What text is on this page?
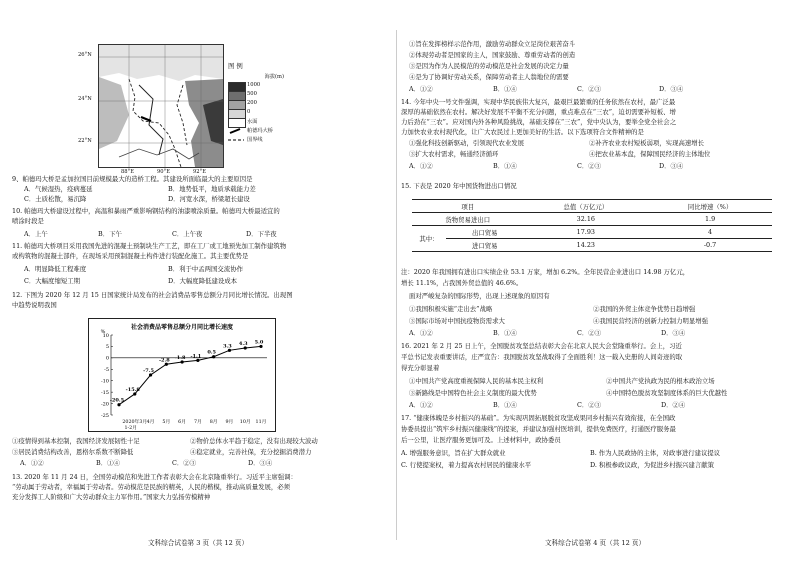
26°N
24°N
22°N
88°E	90°E	92°E
图 例
海拔(m)
1000
500
200
0
水面
帕德玛大桥
国界线
9、帕德玛大桥是孟加拉国目前规模最大的造桥工程。其建设所面临最大的主要原因是
A．气候湿热，疫病蔓延	B．地势低平，地质承载能力差
C．土质松散，易沉降	D．河宽水深，桥梁超长建设
10. 帕德玛大桥建设过程中，高温和暴雨严重影响钢结构的油漆喷涂质量。帕德玛大桥最适宜的
喷涂时段是
A．上午	B．下午	C．上午夜	D．下半夜
11. 帕德玛大桥项目采用我国先进的混凝土预制块生产工艺，即在工厂或工地预先加工制作建筑物
或构筑物的混凝土部件，在现场采用预制混凝土构件进行装配化施工。其主要优势是
A．明显降低工程难度	B．利于中孟两国交流协作
C．大幅度缩短工期	D．大幅度降低建设成本
12. 下图为 2020 年 12 月 15 日国家统计局发布的社会消费品零售总额分月同比增长情况。出现图
中趋势说明我国
社会消费品零售总额分月同比增长速度
%
10
5
0
-5
-10
-15
-20
-25
2020年3月 4月 5月 6月 7月 8月 9月 10月 11月
1-2月
-20.5
-15.8
-7.5
-2.8 -1.8 -1.1
0.5
3.3 4.3 5.0
①疫情得到基本控制，我国经济发展韧性十足	②物价总体水平趋于稳定，没有出现较大波动
③居民消费结构改善，恩格尔系数不断降低	④稳定就业，完善社保，充分挖掘消费潜力
A．①②	B．①④	C．②③	D．③④
13. 2020 年 11 月 24 日，全国劳动模范和先进工作者表彰大会在北京隆重举行。习近平主席强调：
“劳动属于劳动者，幸福属于劳动者。劳动模范是民族的精英，人民的楷模，推动高质量发展，必须
充分发挥工人阶级和广大劳动群众主力军作用。”国家大力弘扬劳模精神
文科综合试卷第 3 页（共 12 页）
①旨在发挥榜样示范作用，激励劳动群众立足岗位艰苦奋斗
②体现劳动者是国家的主人，国家鼓励、尊重劳动者的创造
③是因为作为人民模范的劳动模范是社会发展的决定力量
④是为了协调好劳动关系，保障劳动者主人翁地位的需要
A．①②	B．①④	C．②③	D．③④
14. 今年中央一号文件强调，实现中华民族伟大复兴，最艰巨最繁重的任务依然在农村，最广泛最
深厚的基础依然在农村。解决好发展不平衡不充分问题，重点难点在“三农”，迫切需要补短板、增
力后劲在“三农”。应对国内外各种风险挑战，基础支撑在“三农”，党中央认为，要举全党全社会之
力加快农业农村现代化，让广大农民过上更加美好的生活。以下选项符合文件精神的是
①强化科技创新驱动，引领现代农业发展	②补齐农业农村短板弱项，实现高速增长
③扩大农村需求，畅通经济循环	④把农业基本盘，保障国民经济的主体地位
A．①②	B．①④	C．②③	D．③④
15. 下表是 2020 年中国货物进出口情况
项目		总值（万亿元）	同比增速（%）
货物贸易进出口		32.16	1.9
其中：	出口贸易	17.93	4
	进口贸易	14.23	-0.7
注：2020 年我国拥有进出口实绩企业 53.1 万家，增加 6.2%。全年民营企业进出口 14.98 万亿元，
增长 11.1%，占我国外贸总值的 46.6%。
面对严峻复杂的国际形势，出现上述现象的原因有
①我国积极实施“走出去”战略	②我国的外贸主体竞争优势日趋增强
③国际市场对中国抗疫物资需求大	④我国民营经济的创新力控制力明显增强
A．①②	B．①④	C．②③	D．③④
16. 2021 年 2 月 25 日上午，全国脱贫攻坚总结表彰大会在北京人民大会堂隆重举行。会上，习近
平总书记发表重要讲话，庄严宣告：我国脱贫攻坚战取得了全面胜利！这一载入史册的人间奇迹的取
得充分彰显着
①中国共产党高度重视保障人民的基本民主权利	②中国共产党执政为民的根本政治立场
③新路线是中国特色社会主义制度的最大优势	④中国特色脱贫攻坚制度体系的巨大优越性
A．①②	B．①④	C．②③	D．②④
17. “健康体魄是乡村振兴的基础”。为实现巩固拓展脱贫攻坚成果同乡村振兴有效衔接，在全国政
协委员提出“筑牢乡村振兴健康线”的提案，并建议加强村医培训，提供免费医疗，打通医疗服务最
后一公里，让医疗服务更加可及。上述材料中，政协委员
A. 增强服务意识，旨在扩大群众就业	B. 作为人民政协的主体，对政事进行建议提议
C. 行使提案权，着力提高农村居民的健康水平	D. 积极参政议政，为促进乡村振兴建言献策
文科综合试卷第 4 页（共 12 页）
